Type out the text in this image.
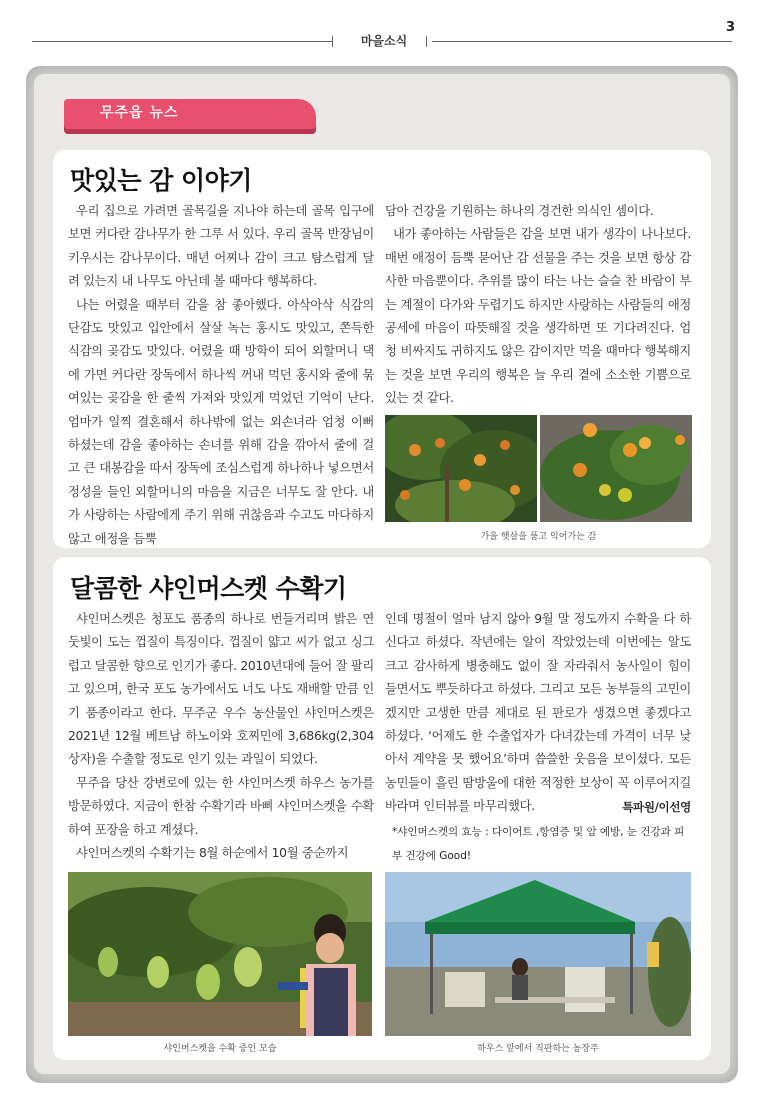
마을소식
3
무주읍 뉴스
맛있는 감 이야기

우리 집으로 가려면 골목길을 지나야 하는데 골목 입구에 보면 커다란 감나무가 한 그루 서 있다. 우리 골목 반장님이 키우시는 감나무이다. 매년 어찌나 감이 크고 탐스럽게 달려 있는지 내 나무도 아닌데 볼 때마다 행복하다.

나는 어렸을 때부터 감을 참 좋아했다. 아삭아삭 식감의 단감도 맛있고 입안에서 살살 녹는 홍시도 맛있고, 쫀득한 식감의 곶감도 맛있다. 어렸을 때 방학이 되어 외할머니 댁에 가면 커다란 장독에서 하나씩 꺼내 먹던 홍시와 줄에 묶여있는 곶감을 한 줄씩 가져와 맛있게 먹었던 기억이 난다. 엄마가 일찍 결혼해서 하나밖에 없는 외손녀라 엄청 이뻐 하셨는데 감을 좋아하는 손녀를 위해 감을 깎아서 줄에 걸고 큰 대봉감을 따서 장독에 조심스럽게 하나하나 넣으면서 정성을 들인 외할머니의 마음을 지금은 너무도 잘 안다. 내가 사랑하는 사람에게 주기 위해 귀찮음과 수고도 마다하지 않고 애정을 듬뿍

담아 건강을 기원하는 하나의 경건한 의식인 셈이다.

내가 좋아하는 사람들은 감을 보면 내가 생각이 나나보다. 매번 애정이 듬뿍 묻어난 감 선물을 주는 것을 보면 항상 감사한 마음뿐이다. 추위를 많이 타는 나는 슬슬 찬 바람이 부는 계절이 다가와 두렵기도 하지만 사랑하는 사람들의 애정 공세에 마음이 따뜻해질 것을 생각하면 또 기다려진다. 엄청 비싸지도 귀하지도 않은 감이지만 먹을 때마다 행복해지는 것을 보면 우리의 행복은 늘 우리 곁에 소소한 기쁨으로 있는 것 같다.

가을 햇살을 품고 익어가는 감
달콤한 샤인머스켓 수확기

샤인머스켓은 청포도 품종의 하나로 번들거리며 밝은 연둣빛이 도는 껍질이 특징이다. 껍질이 얇고 씨가 없고 싱그럽고 달콤한 향으로 인기가 좋다. 2010년대에 들어 잘 팔리고 있으며, 한국 포도 농가에서도 너도 나도 재배할 만큼 인기 품종이라고 한다. 무주군 우수 농산물인 샤인머스켓은 2021년 12월 베트남 하노이와 호찌민에 3,686kg(2,304상자)을 수출할 정도로 인기 있는 과일이 되었다.

무주읍 당산 강변로에 있는 한 샤인머스켓 하우스 농가를 방문하였다. 지금이 한참 수확기라 바삐 샤인머스켓을 수확하여 포장을 하고 계셨다.

샤인머스켓의 수확기는 8월 하순에서 10월 중순까지

인데 명절이 얼마 남지 않아 9월 말 정도까지 수확을 다 하신다고 하셨다. 작년에는 알이 작았었는데 이번에는 알도 크고 감사하게 병충해도 없이 잘 자라줘서 농사일이 힘이 들면서도 뿌듯하다고 하셨다. 그리고 모든 농부들의 고민이겠지만 고생한 만큼 제대로 된 판로가 생겼으면 좋겠다고 하셨다. ‘어제도 한 수출업자가 다녀갔는데 가격이 너무 낮아서 계약을 못 했어요’하며 씁쓸한 웃음을 보이셨다. 모든 농민들이 흘린 땀방울에 대한 적정한 보상이 꼭 이루어지길 바라며 인터뷰를 마무리했다.	특파원/이선영
*샤인머스켓의 효능 : 다이어트 ,항염증 및 암 예방, 눈 건강과 피부 건강에 Good!
샤인머스켓을 수확 중인 모습	하우스 앞에서 직판하는 농장주
